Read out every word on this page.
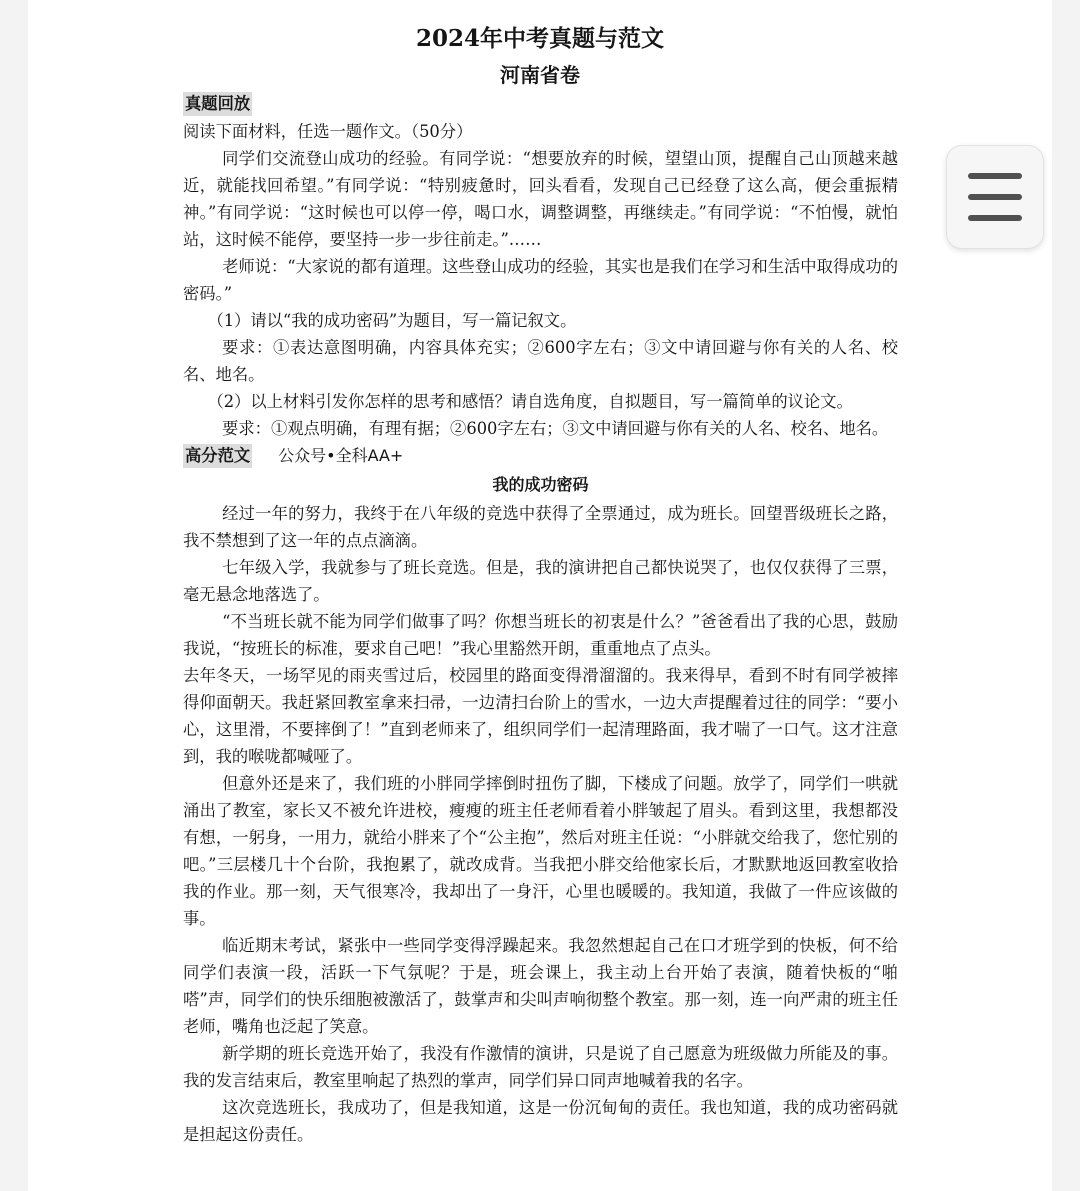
2024年中考真题与范文
河南省卷
真题回放

阅读下面材料，任选一题作文。（50分）

同学们交流登山成功的经验。有同学说：“想要放弃的时候，望望山顶，提醒自己山顶越来越近，就能找回希望。”有同学说：“特别疲惫时，回头看看，发现自己已经登了这么高，便会重振精神。”有同学说：“这时候也可以停一停，喝口水，调整调整，再继续走。”有同学说：“不怕慢，就怕站，这时候不能停，要坚持一步一步往前走。”……

老师说：“大家说的都有道理。这些登山成功的经验，其实也是我们在学习和生活中取得成功的密码。”

（1）请以“我的成功密码”为题目，写一篇记叙文。

要求：①表达意图明确，内容具体充实；②600字左右；③文中请回避与你有关的人名、校名、地名。

（2）以上材料引发你怎样的思考和感悟？请自选角度，自拟题目，写一篇简单的议论文。

要求：①观点明确，有理有据；②600字左右；③文中请回避与你有关的人名、校名、地名。

高分范文 公众号•全科AA+
我的成功密码

经过一年的努力，我终于在八年级的竞选中获得了全票通过，成为班长。回望晋级班长之路，我不禁想到了这一年的点点滴滴。

七年级入学，我就参与了班长竞选。但是，我的演讲把自己都快说哭了，也仅仅获得了三票，毫无悬念地落选了。

“不当班长就不能为同学们做事了吗？你想当班长的初衷是什么？”爸爸看出了我的心思，鼓励我说，“按班长的标准，要求自己吧！”我心里豁然开朗，重重地点了点头。

去年冬天，一场罕见的雨夹雪过后，校园里的路面变得滑溜溜的。我来得早，看到不时有同学被摔得仰面朝天。我赶紧回教室拿来扫帚，一边清扫台阶上的雪水，一边大声提醒着过往的同学：“要小心，这里滑，不要摔倒了！”直到老师来了，组织同学们一起清理路面，我才喘了一口气。这才注意到，我的喉咙都喊哑了。

但意外还是来了，我们班的小胖同学摔倒时扭伤了脚，下楼成了问题。放学了，同学们一哄就涌出了教室，家长又不被允许进校，瘦瘦的班主任老师看着小胖皱起了眉头。看到这里，我想都没有想，一躬身，一用力，就给小胖来了个“公主抱”，然后对班主任说：“小胖就交给我了，您忙别的吧。”三层楼几十个台阶，我抱累了，就改成背。当我把小胖交给他家长后，才默默地返回教室收拾我的作业。那一刻，天气很寒冷，我却出了一身汗，心里也暖暖的。我知道，我做了一件应该做的事。

临近期末考试，紧张中一些同学变得浮躁起来。我忽然想起自己在口才班学到的快板，何不给同学们表演一段，活跃一下气氛呢？于是，班会课上，我主动上台开始了表演，随着快板的“啪嗒”声，同学们的快乐细胞被激活了，鼓掌声和尖叫声响彻整个教室。那一刻，连一向严肃的班主任老师，嘴角也泛起了笑意。

新学期的班长竞选开始了，我没有作激情的演讲，只是说了自己愿意为班级做力所能及的事。我的发言结束后，教室里响起了热烈的掌声，同学们异口同声地喊着我的名字。

这次竞选班长，我成功了，但是我知道，这是一份沉甸甸的责任。我也知道，我的成功密码就是担起这份责任。
